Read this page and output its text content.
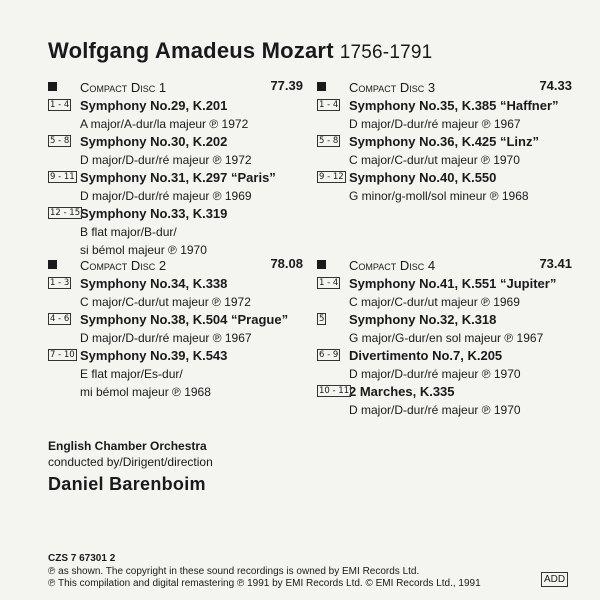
Wolfgang Amadeus Mozart 1756-1791
Compact Disc 1	77.39
1 - 4 Symphony No.29, K.201
A major/A-dur/la majeur ℗ 1972
5 - 8 Symphony No.30, K.202
D major/D-dur/ré majeur ℗ 1972
9 - 11 Symphony No.31, K.297 “Paris”
D major/D-dur/ré majeur ℗ 1969
12 - 15 Symphony No.33, K.319
B flat major/B-dur/
si bémol majeur ℗ 1970
Compact Disc 3	74.33
1 - 4 Symphony No.35, K.385 “Haffner”
D major/D-dur/ré majeur ℗ 1967
5 - 8 Symphony No.36, K.425 “Linz”
C major/C-dur/ut majeur ℗ 1970
9 - 12 Symphony No.40, K.550
G minor/g-moll/sol mineur ℗ 1968
Compact Disc 2	78.08
1 - 3 Symphony No.34, K.338
C major/C-dur/ut majeur ℗ 1972
4 - 6 Symphony No.38, K.504 “Prague”
D major/D-dur/ré majeur ℗ 1967
7 - 10 Symphony No.39, K.543
E flat major/Es-dur/
mi bémol majeur ℗ 1968
Compact Disc 4	73.41
1 - 4 Symphony No.41, K.551 “Jupiter”
C major/C-dur/ut majeur ℗ 1969
5 Symphony No.32, K.318
G major/G-dur/en sol majeur ℗ 1967
6 - 9 Divertimento No.7, K.205
D major/D-dur/ré majeur ℗ 1970
10 - 11 2 Marches, K.335
D major/D-dur/ré majeur ℗ 1970
English Chamber Orchestra
conducted by/Dirigent/direction
Daniel Barenboim
CZS 7 67301 2
℗ as shown. The copyright in these sound recordings is owned by EMI Records Ltd.
℗ This compilation and digital remastering ℗ 1991 by EMI Records Ltd. © EMI Records Ltd., 1991	ADD
